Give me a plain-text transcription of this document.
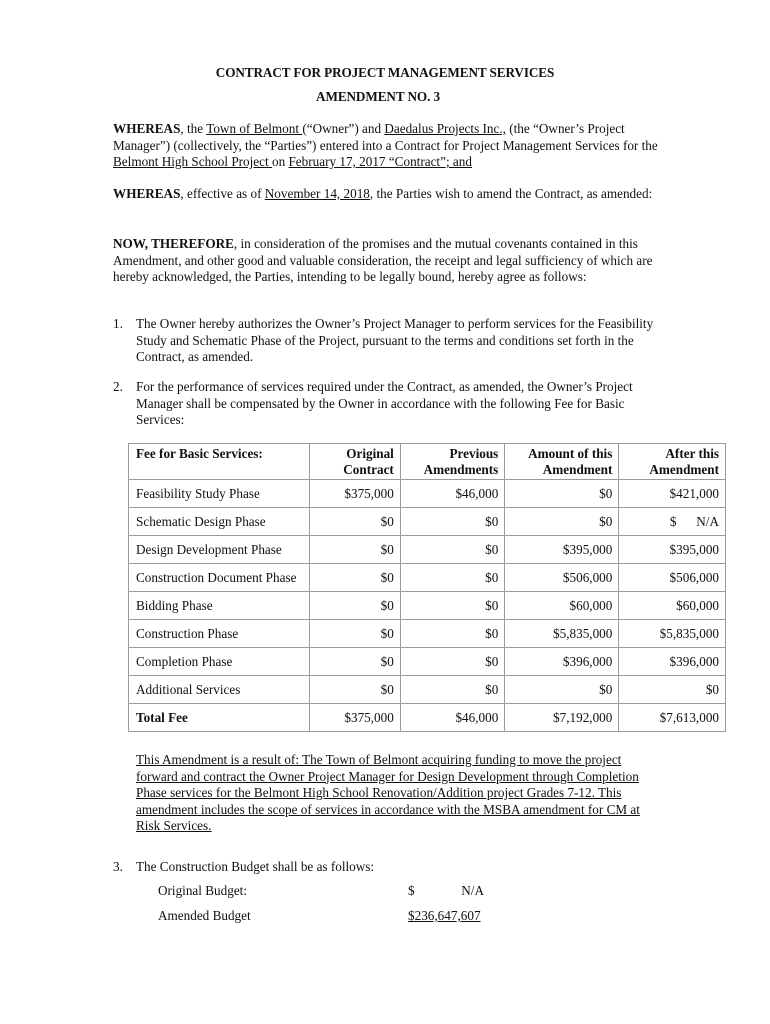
CONTRACT FOR PROJECT MANAGEMENT SERVICES
AMENDMENT NO. 3
WHEREAS, the Town of Belmont (“Owner”) and Daedalus Projects Inc., (the “Owner’s Project Manager”) (collectively, the “Parties”) entered into a Contract for Project Management Services for the Belmont High School Project on February 17, 2017 “Contract”; and
WHEREAS, effective as of November 14, 2018, the Parties wish to amend the Contract, as amended:
NOW, THEREFORE, in consideration of the promises and the mutual covenants contained in this Amendment, and other good and valuable consideration, the receipt and legal sufficiency of which are hereby acknowledged, the Parties, intending to be legally bound, hereby agree as follows:
1. The Owner hereby authorizes the Owner’s Project Manager to perform services for the Feasibility Study and Schematic Phase of the Project, pursuant to the terms and conditions set forth in the Contract, as amended.
2. For the performance of services required under the Contract, as amended, the Owner’s Project Manager shall be compensated by the Owner in accordance with the following Fee for Basic Services:
Fee for Basic Services:	Original Contract	Previous Amendments	Amount of this Amendment	After this Amendment
Feasibility Study Phase	$375,000	$46,000	$0	$421,000
Schematic Design Phase	$0	$0	$0	$      N/A
Design Development Phase	$0	$0	$395,000	$395,000
Construction Document Phase	$0	$0	$506,000	$506,000
Bidding Phase	$0	$0	$60,000	$60,000
Construction Phase	$0	$0	$5,835,000	$5,835,000
Completion Phase	$0	$0	$396,000	$396,000
Additional Services	$0	$0	$0	$0
Total Fee	$375,000	$46,000	$7,192,000	$7,613,000
This Amendment is a result of: The Town of Belmont acquiring funding to move the project forward and contract the Owner Project Manager for Design Development through Completion Phase services for the Belmont High School Renovation/Addition project Grades 7-12. This amendment includes the scope of services in accordance with the MSBA amendment for CM at Risk Services.
3. The Construction Budget shall be as follows:
Original Budget:	$	N/A
Amended Budget	$236,647,607
